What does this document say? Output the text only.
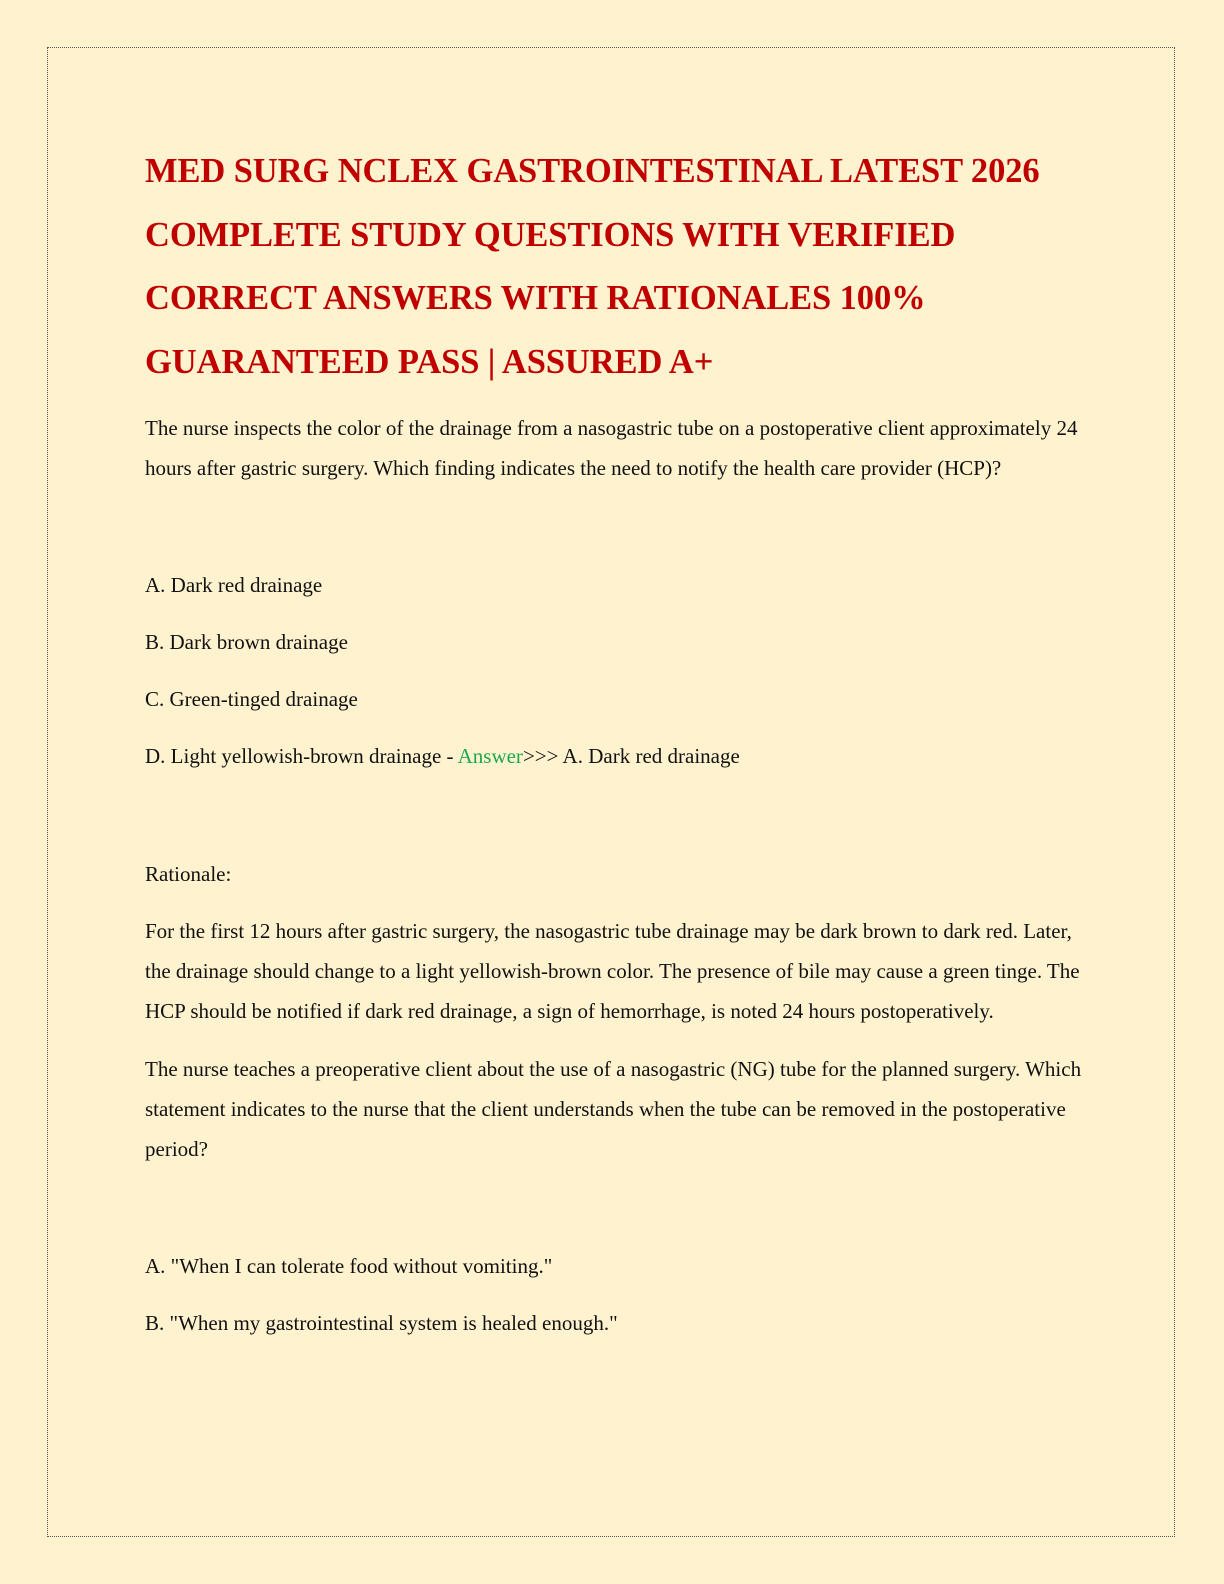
MED SURG NCLEX GASTROINTESTINAL LATEST 2026 COMPLETE STUDY QUESTIONS WITH VERIFIED CORRECT ANSWERS WITH RATIONALES 100% GUARANTEED PASS | ASSURED A+

The nurse inspects the color of the drainage from a nasogastric tube on a postoperative client approximately 24 hours after gastric surgery. Which finding indicates the need to notify the health care provider (HCP)?

A. Dark red drainage

B. Dark brown drainage

C. Green-tinged drainage

D. Light yellowish-brown drainage - Answer>>> A. Dark red drainage

Rationale:

For the first 12 hours after gastric surgery, the nasogastric tube drainage may be dark brown to dark red. Later, the drainage should change to a light yellowish-brown color. The presence of bile may cause a green tinge. The HCP should be notified if dark red drainage, a sign of hemorrhage, is noted 24 hours postoperatively.

The nurse teaches a preoperative client about the use of a nasogastric (NG) tube for the planned surgery. Which statement indicates to the nurse that the client understands when the tube can be removed in the postoperative period?

A. "When I can tolerate food without vomiting."

B. "When my gastrointestinal system is healed enough."
